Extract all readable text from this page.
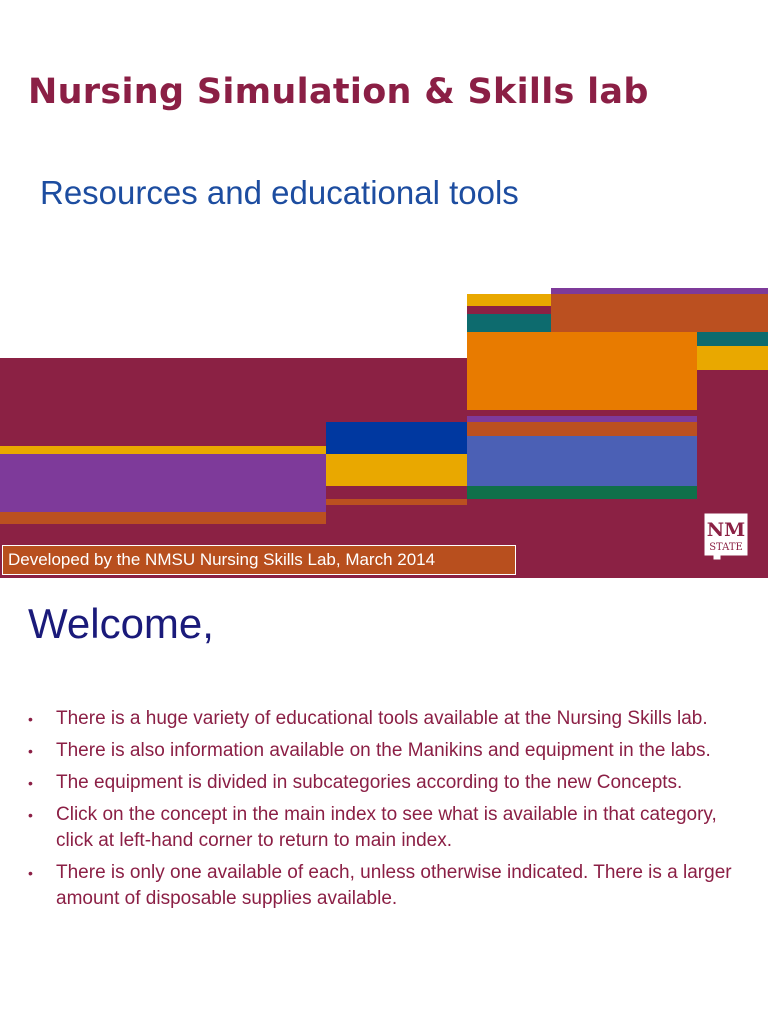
Nursing Simulation & Skills lab
Resources and educational tools
Developed by the NMSU Nursing Skills Lab, March 2014
NM
STATE
Welcome,
• There is a huge variety of educational tools available at the Nursing Skills lab.
• There is also information available on the Manikins and equipment in the labs.
• The equipment is divided in subcategories according to the new Concepts.
• Click on the concept in the main index to see what is available in that category, click at left-hand corner to return to main index.
• There is only one available of each, unless otherwise indicated. There is a larger amount of disposable supplies available.
